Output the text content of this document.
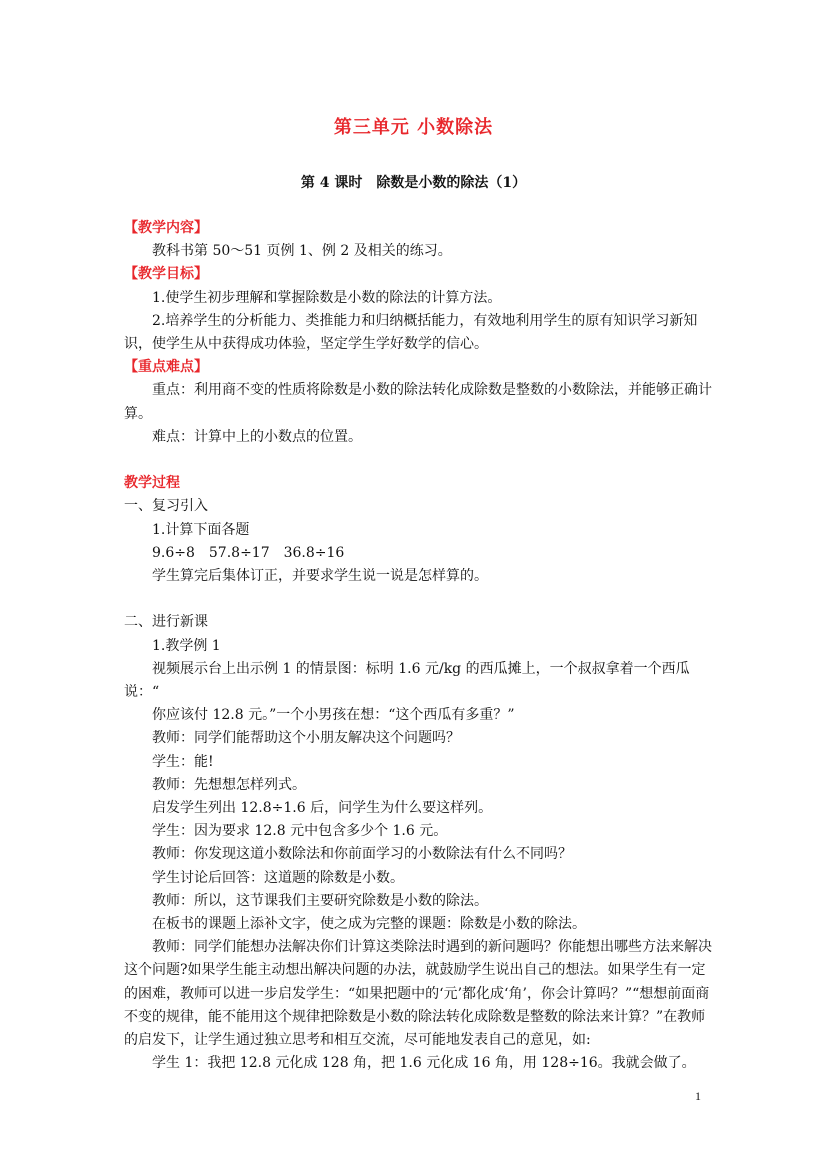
第三单元 小数除法
第 4 课时　除数是小数的除法（1）

【教学内容】

教科书第 50～51 页例 1、例 2 及相关的练习。

【教学目标】

1.使学生初步理解和掌握除数是小数的除法的计算方法。

2.培养学生的分析能力、类推能力和归纳概括能力，有效地利用学生的原有知识学习新知识，使学生从中获得成功体验，坚定学生学好数学的信心。

【重点难点】

重点：利用商不变的性质将除数是小数的除法转化成除数是整数的小数除法，并能够正确计算。

难点：计算中上的小数点的位置。

教学过程

一、复习引入

1.计算下面各题

9.6÷8　57.8÷17　36.8÷16

学生算完后集体订正，并要求学生说一说是怎样算的。

二、进行新课

1.教学例 1

视频展示台上出示例 1 的情景图：标明 1.6 元/kg 的西瓜摊上，一个叔叔拿着一个西瓜说：“

你应该付 12.8 元。”一个小男孩在想：“这个西瓜有多重？”

教师：同学们能帮助这个小朋友解决这个问题吗？

学生：能!

教师：先想想怎样列式。

启发学生列出 12.8÷1.6 后，问学生为什么要这样列。

学生：因为要求 12.8 元中包含多少个 1.6 元。

教师：你发现这道小数除法和你前面学习的小数除法有什么不同吗？

学生讨论后回答：这道题的除数是小数。

教师：所以，这节课我们主要研究除数是小数的除法。

在板书的课题上添补文字，使之成为完整的课题：除数是小数的除法。

教师：同学们能想办法解决你们计算这类除法时遇到的新问题吗？你能想出哪些方法来解决这个问题?如果学生能主动想出解决问题的办法，就鼓励学生说出自己的想法。如果学生有一定的困难，教师可以进一步启发学生：“如果把题中的‘元’都化成‘角’，你会计算吗？”“想想前面商不变的规律，能不能用这个规律把除数是小数的除法转化成除数是整数的除法来计算？”在教师的启发下，让学生通过独立思考和相互交流，尽可能地发表自己的意见，如:

学生 1：我把 12.8 元化成 128 角，把 1.6 元化成 16 角，用 128÷16。我就会做了。

1
